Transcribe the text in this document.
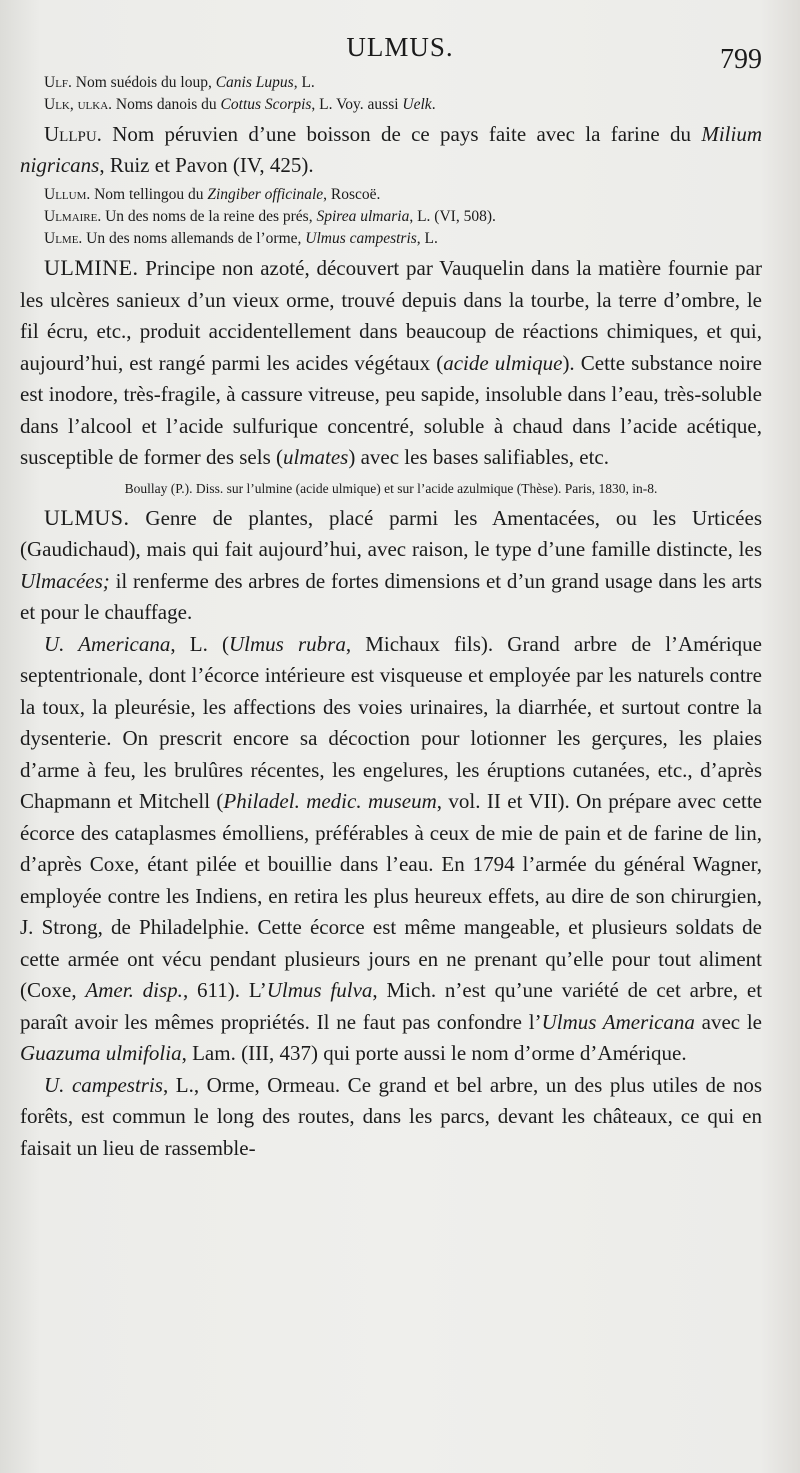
ULMUS.	799

Ulf. Nom suédois du loup, Canis Lupus, L.

Ulk, ulka. Noms danois du Cottus Scorpis, L. Voy. aussi Uelk.

Ullpu. Nom péruvien d’une boisson de ce pays faite avec la farine du Milium nigricans, Ruiz et Pavon (IV, 425).

Ullum. Nom tellingou du Zingiber officinale, Roscoë.

Ulmaire. Un des noms de la reine des prés, Spirea ulmaria, L. (VI, 508).

Ulme. Un des noms allemands de l’orme, Ulmus campestris, L.

ULMINE. Principe non azoté, découvert par Vauquelin dans la matière fournie par les ulcères sanieux d’un vieux orme, trouvé depuis dans la tourbe, la terre d’ombre, le fil écru, etc., produit accidentellement dans beaucoup de réactions chimiques, et qui, aujourd’hui, est rangé parmi les acides végétaux (acide ulmique). Cette substance noire est inodore, très-fragile, à cassure vitreuse, peu sapide, insoluble dans l’eau, très-soluble dans l’alcool et l’acide sulfurique concentré, soluble à chaud dans l’acide acétique, susceptible de former des sels (ulmates) avec les bases salifiables, etc.

Boullay (P.). Diss. sur l’ulmine (acide ulmique) et sur l’acide azulmique (Thèse). Paris, 1830, in-8.

ULMUS. Genre de plantes, placé parmi les Amentacées, ou les Urticées (Gaudichaud), mais qui fait aujourd’hui, avec raison, le type d’une famille distincte, les Ulmacées; il renferme des arbres de fortes dimensions et d’un grand usage dans les arts et pour le chauffage.

U. Americana, L. (Ulmus rubra, Michaux fils). Grand arbre de l’Amérique septentrionale, dont l’écorce intérieure est visqueuse et employée par les naturels contre la toux, la pleurésie, les affections des voies urinaires, la diarrhée, et surtout contre la dysenterie. On prescrit encore sa décoction pour lotionner les gerçures, les plaies d’arme à feu, les brulûres récentes, les engelures, les éruptions cutanées, etc., d’après Chapmann et Mitchell (Philadel. medic. museum, vol. II et VII). On prépare avec cette écorce des cataplasmes émolliens, préférables à ceux de mie de pain et de farine de lin, d’après Coxe, étant pilée et bouillie dans l’eau. En 1794 l’armée du général Wagner, employée contre les Indiens, en retira les plus heureux effets, au dire de son chirurgien, J. Strong, de Philadelphie. Cette écorce est même mangeable, et plusieurs soldats de cette armée ont vécu pendant plusieurs jours en ne prenant qu’elle pour tout aliment (Coxe, Amer. disp., 611). L’Ulmus fulva, Mich. n’est qu’une variété de cet arbre, et paraît avoir les mêmes propriétés. Il ne faut pas confondre l’Ulmus Americana avec le Guazuma ulmifolia, Lam. (III, 437) qui porte aussi le nom d’orme d’Amérique.

U. campestris, L., Orme, Ormeau. Ce grand et bel arbre, un des plus utiles de nos forêts, est commun le long des routes, dans les parcs, devant les châteaux, ce qui en faisait un lieu de rassemble-
